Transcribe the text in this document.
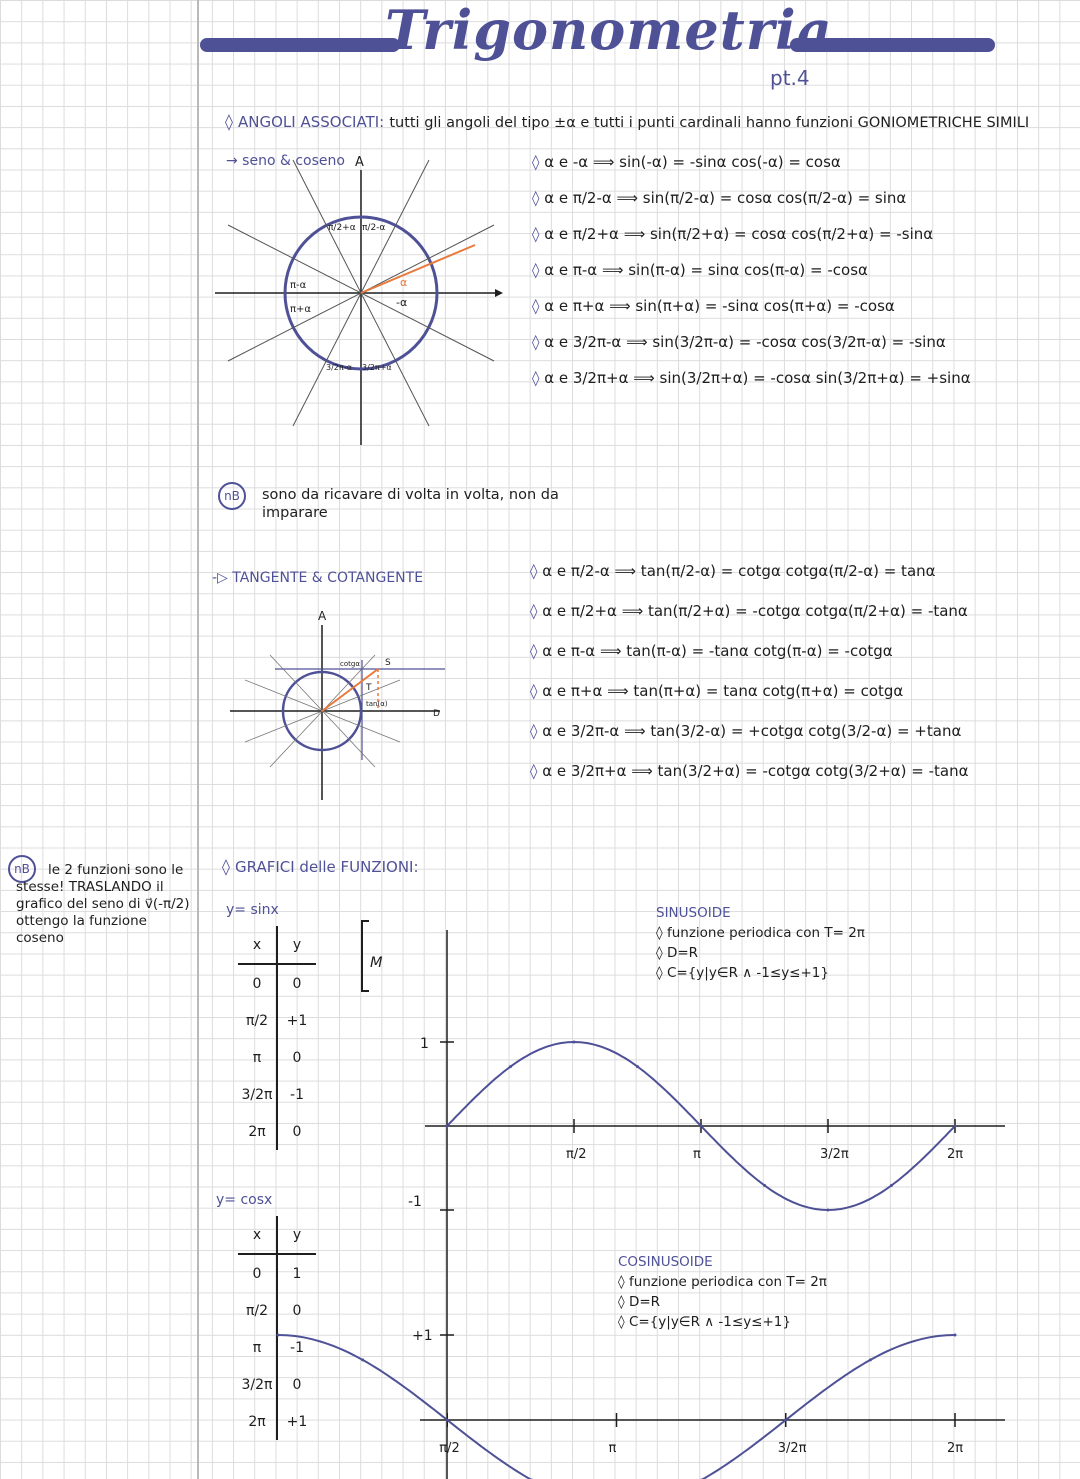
Trigonometria
pt.4
◊ ANGOLI ASSOCIATI: tutti gli angoli del tipo ±α e tutti i punti cardinali hanno funzioni GONIOMETRICHE SIMILI
→ seno & coseno	◊ α e -α ⟹ sin(-α) = -sinα cos(-α) = cosα
◊ α e π/2-α ⟹ sin(π/2-α) = cosα cos(π/2-α) = sinα
◊ α e π/2+α ⟹ sin(π/2+α) = cosα cos(π/2+α) = -sinα
◊ α e π-α ⟹ sin(π-α) = sinα cos(π-α) = -cosα
◊ α e π+α ⟹ sin(π+α) = -sinα cos(π+α) = -cosα
◊ α e 3/2π-α ⟹ sin(3/2π-α) = -cosα cos(3/2π-α) = -sinα
◊ α e 3/2π+α ⟹ sin(3/2π+α) = -cosα sin(3/2π+α) = +sinα
nB	sono da ricavare di volta in volta, non da imparare
-▷ TANGENTE & COTANGENTE	◊ α e π/2-α ⟹ tan(π/2-α) = cotgα cotgα(π/2-α) = tanα
◊ α e π/2+α ⟹ tan(π/2+α) = -cotgα cotgα(π/2+α) = -tanα
◊ α e π-α ⟹ tan(π-α) = -tanα cotg(π-α) = -cotgα
◊ α e π+α ⟹ tan(π+α) = tanα cotg(π+α) = cotgα
◊ α e 3/2π-α ⟹ tan(3/2-α) = +cotgα cotg(3/2-α) = +tanα
◊ α e 3/2π+α ⟹ tan(3/2+α) = -cotgα cotg(3/2+α) = -tanα
◊ GRAFICI delle FUNZIONI:
nB	le 2 funzioni sono le stesse! TRASLANDO il grafico del seno di v⃗(-π/2) ottengo la funzione coseno
y= sinx
x	y
0	0
π/2	+1
π	0
3/2π	-1
2π	0
y= cosx
x	y
0	1
π/2	0
π	-1
3/2π	0
2π	+1
M
SINUSOIDE
◊ funzione periodica con T= 2π
◊ D=R
◊ C={y|y∈R ∧ -1≤y≤+1}
COSINUSOIDE
◊ funzione periodica con T= 2π
◊ D=R
◊ C={y|y∈R ∧ -1≤y≤+1}
A
π/2+α π/2-α
π-α
π+α
α
-α
3/2π-α 3/2π+α
A
S
T
cotgα
tan(α)
D
1
-1
π/2	π	3/2π	2π
+1
π/2	π	3/2π	2π
